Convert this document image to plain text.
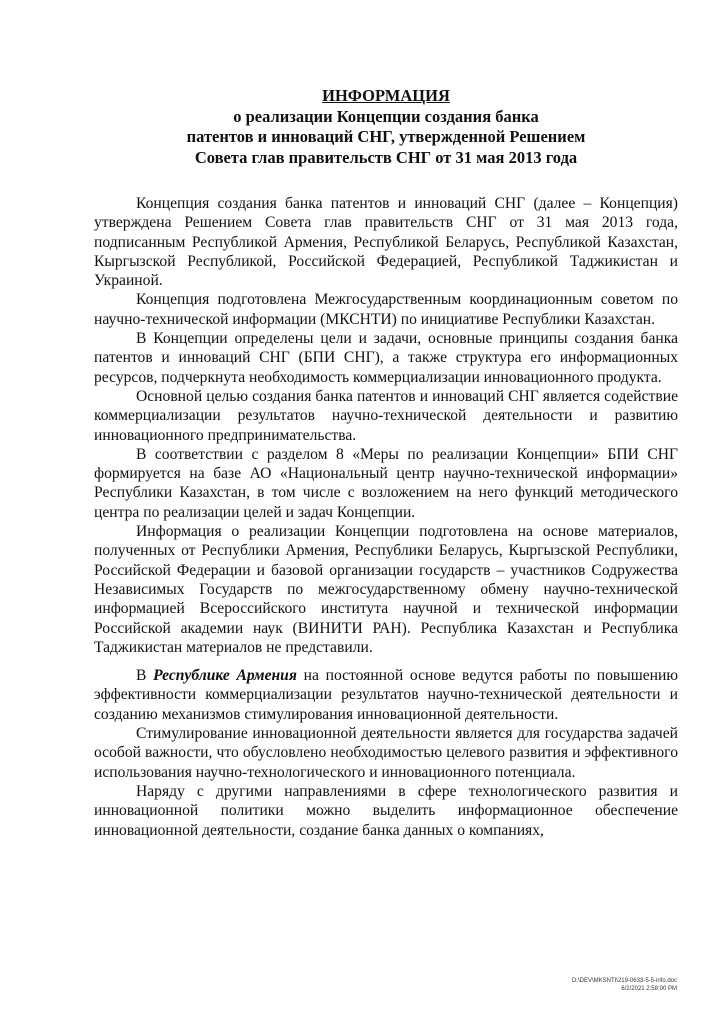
ИНФОРМАЦИЯ
о реализации Концепции создания банка
патентов и инноваций СНГ, утвержденной Решением
Совета глав правительств СНГ от 31 мая 2013 года

Концепция создания банка патентов и инноваций СНГ (далее – Концепция) утверждена Решением Совета глав правительств СНГ от 31 мая 2013 года, подписанным Республикой Армения, Республикой Беларусь, Республикой Казахстан, Кыргызской Республикой, Российской Федерацией, Республикой Таджикистан и Украиной.

Концепция подготовлена Межгосударственным координационным советом по научно-технической информации (МКСНТИ) по инициативе Республики Казахстан.

В Концепции определены цели и задачи, основные принципы создания банка патентов и инноваций СНГ (БПИ СНГ), а также структура его информационных ресурсов, подчеркнута необходимость коммерциализации инновационного продукта.

Основной целью создания банка патентов и инноваций СНГ является содействие коммерциализации результатов научно-технической деятельности и развитию инновационного предпринимательства.

В соответствии с разделом 8 «Меры по реализации Концепции» БПИ СНГ формируется на базе АО «Национальный центр научно-технической информации» Республики Казахстан, в том числе с возложением на него функций методического центра по реализации целей и задач Концепции.

Информация о реализации Концепции подготовлена на основе материалов, полученных от Республики Армения, Республики Беларусь, Кыргызской Республики, Российской Федерации и базовой организации государств – участников Содружества Независимых Государств по межгосударственному обмену научно-технической информацией Всероссийского института научной и технической информации Российской академии наук (ВИНИТИ РАН). Республика Казахстан и Республика Таджикистан материалов не представили.

В Республике Армения на постоянной основе ведутся работы по повышению эффективности коммерциализации результатов научно-технической деятельности и созданию механизмов стимулирования инновационной деятельности.

Стимулирование инновационной деятельности является для государства задачей особой важности, что обусловлено необходимостью целевого развития и эффективного использования научно-технологического и инновационного потенциала.

Наряду с другими направлениями в сфере технологического развития и инновационной политики можно выделить информационное обеспечение инновационной деятельности, создание банка данных о компаниях,

D:\DEV\MKSNTI\219-0633-5-5-info.doc
6/2/2021 2:58:00 PM
